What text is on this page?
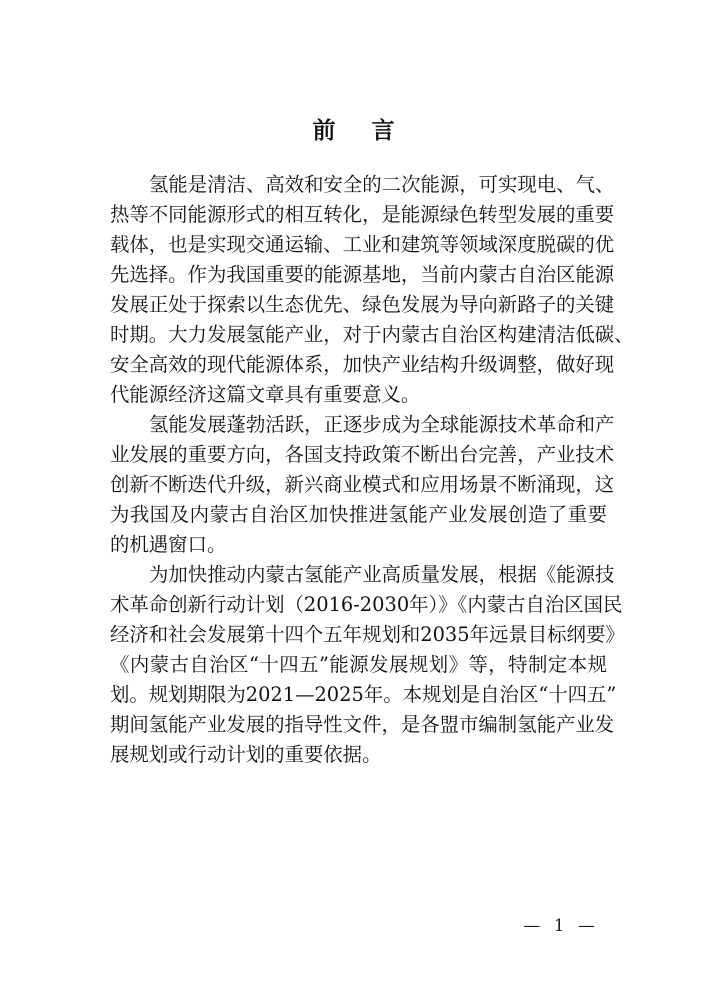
前 言

氢能是清洁、高效和安全的二次能源，可实现电、气、
热等不同能源形式的相互转化，是能源绿色转型发展的重要
载体，也是实现交通运输、工业和建筑等领域深度脱碳的优
先选择。作为我国重要的能源基地，当前内蒙古自治区能源
发展正处于探索以生态优先、绿色发展为导向新路子的关键
时期。大力发展氢能产业，对于内蒙古自治区构建清洁低碳、
安全高效的现代能源体系，加快产业结构升级调整，做好现
代能源经济这篇文章具有重要意义。

氢能发展蓬勃活跃，正逐步成为全球能源技术革命和产
业发展的重要方向，各国支持政策不断出台完善，产业技术
创新不断迭代升级，新兴商业模式和应用场景不断涌现，这
为我国及内蒙古自治区加快推进氢能产业发展创造了重要
的机遇窗口。

为加快推动内蒙古氢能产业高质量发展，根据《能源技
术革命创新行动计划（2016-2030年）》《内蒙古自治区国民
经济和社会发展第十四个五年规划和2035年远景目标纲要》
《内蒙古自治区“十四五”能源发展规划》等，特制定本规
划。规划期限为2021—2025年。本规划是自治区“十四五”
期间氢能产业发展的指导性文件，是各盟市编制氢能产业发
展规划或行动计划的重要依据。

— 1 —
